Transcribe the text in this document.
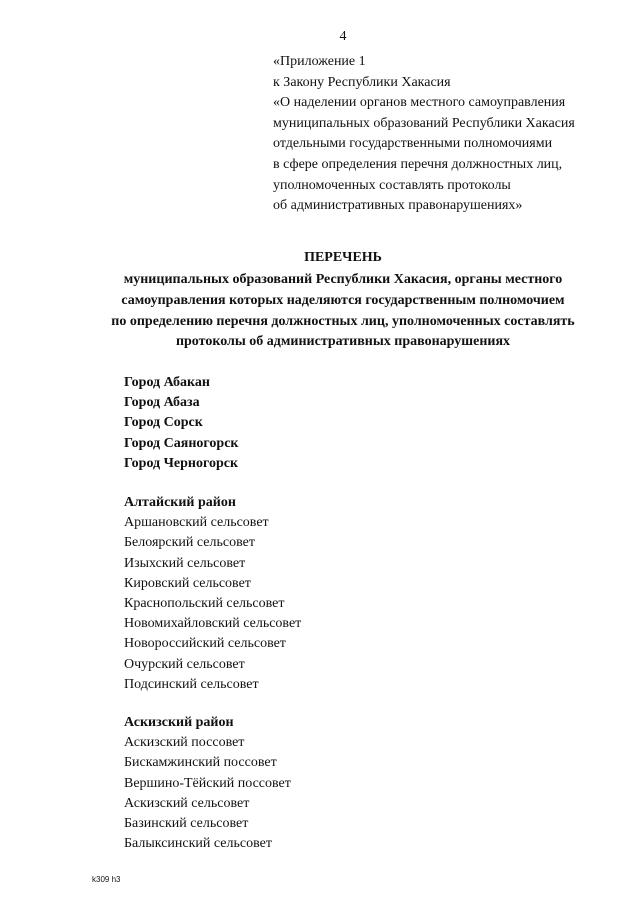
4
«Приложение 1
к Закону Республики Хакасия
«О наделении органов местного самоуправления
муниципальных образований Республики Хакасия
отдельными государственными полномочиями
в сфере определения перечня должностных лиц,
уполномоченных составлять протоколы
об административных правонарушениях»
ПЕРЕЧЕНЬ
муниципальных образований Республики Хакасия, органы местного
самоуправления которых наделяются государственным полномочием
по определению перечня должностных лиц, уполномоченных составлять
протоколы об административных правонарушениях
Город Абакан
Город Абаза
Город Сорск
Город Саяногорск
Город Черногорск
Алтайский район
Аршановский сельсовет
Белоярский сельсовет
Изыхский сельсовет
Кировский сельсовет
Краснопольский сельсовет
Новомихайловский сельсовет
Новороссийский сельсовет
Очурский сельсовет
Подсинский сельсовет
Аскизский район
Аскизский поссовет
Бискамжинский поссовет
Вершино-Тёйский поссовет
Аскизский сельсовет
Базинский сельсовет
Балыксинский сельсовет
k309 h3
